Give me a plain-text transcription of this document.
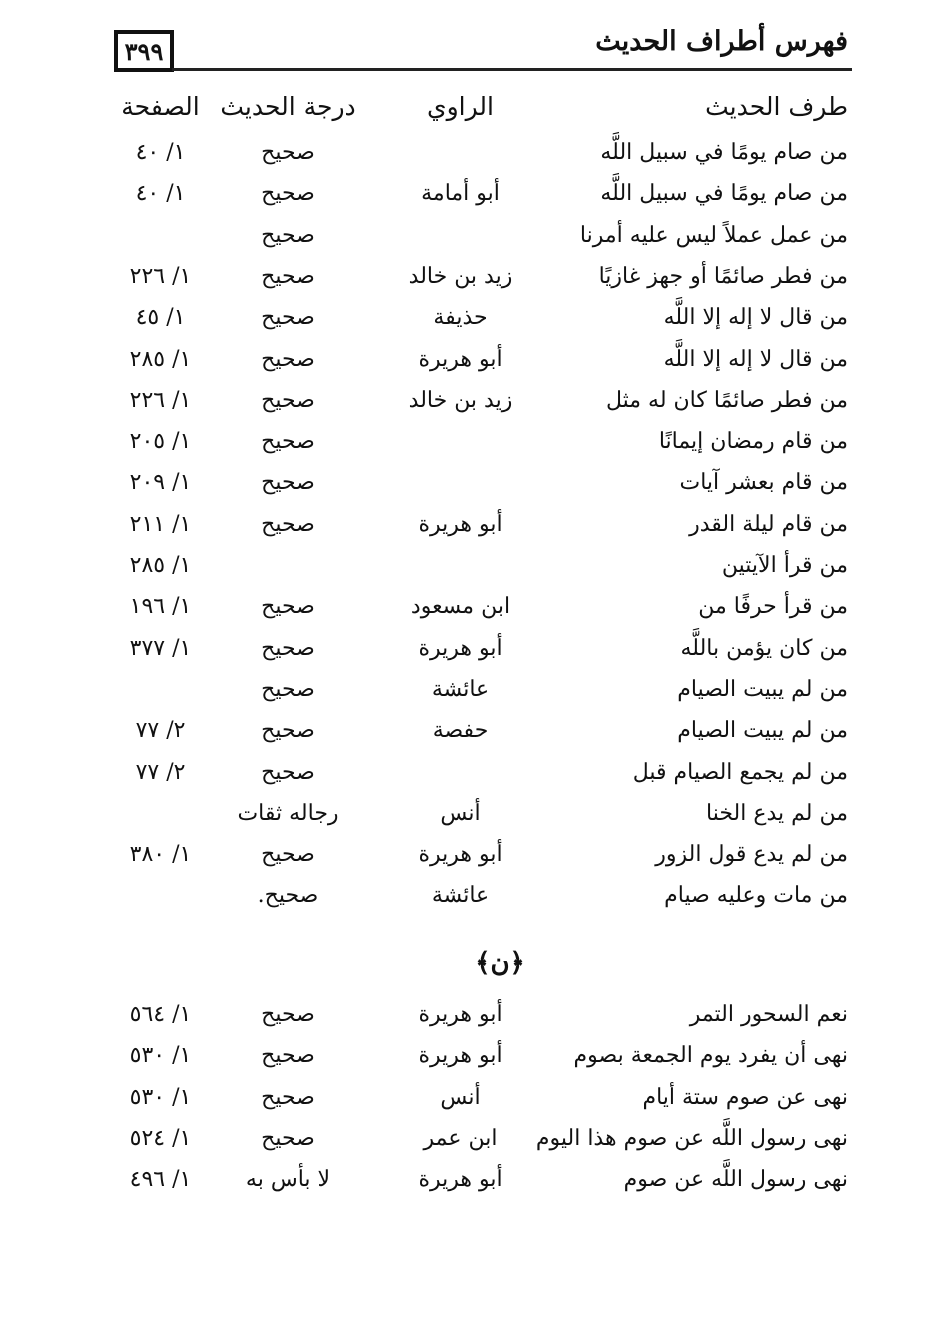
٣٩٩	فهرس أطراف الحديث
طرف الحديث
الراوي
درجة الحديث
الصفحة
من صام يومًا في سبيل اللَّه
صحيح
١/ ٤٠
من صام يومًا في سبيل اللَّه
أبو أمامة
صحيح
١/ ٤٠
من عمل عملاً ليس عليه أمرنا
صحيح
من فطر صائمًا أو جهز غازيًا
زيد بن خالد
صحيح
١/ ٢٢٦
من قال لا إله إلا اللَّه
حذيفة
صحيح
١/ ٤٥
من قال لا إله إلا اللَّه
أبو هريرة
صحيح
١/ ٢٨٥
من فطر صائمًا كان له مثل
زيد بن خالد
صحيح
١/ ٢٢٦
من قام رمضان إيمانًا
صحيح
١/ ٢٠٥
من قام بعشر آيات
صحيح
١/ ٢٠٩
من قام ليلة القدر
أبو هريرة
صحيح
١/ ٢١١
من قرأ الآيتين
١/ ٢٨٥
من قرأ حرفًا من
ابن مسعود
صحيح
١/ ١٩٦
من كان يؤمن باللَّه
أبو هريرة
صحيح
١/ ٣٧٧
من لم يبيت الصيام
عائشة
صحيح
من لم يبيت الصيام
حفصة
صحيح
٢/ ٧٧
من لم يجمع الصيام قبل
صحيح
٢/ ٧٧
من لم يدع الخنا
أنس
رجاله ثقات
من لم يدع قول الزور
أبو هريرة
صحيح
١/ ٣٨٠
من مات وعليه صيام
عائشة
صحيح.
﴿ن﴾
نعم السحور التمر
أبو هريرة
صحيح
١/ ٥٦٤
نهى أن يفرد يوم الجمعة بصوم
أبو هريرة
صحيح
١/ ٥٣٠
نهى عن صوم ستة أيام
أنس
صحيح
١/ ٥٣٠
نهى رسول اللَّه عن صوم هذا اليوم
ابن عمر
صحيح
١/ ٥٢٤
نهى رسول اللَّه عن صوم
أبو هريرة
لا بأس به
١/ ٤٩٦
